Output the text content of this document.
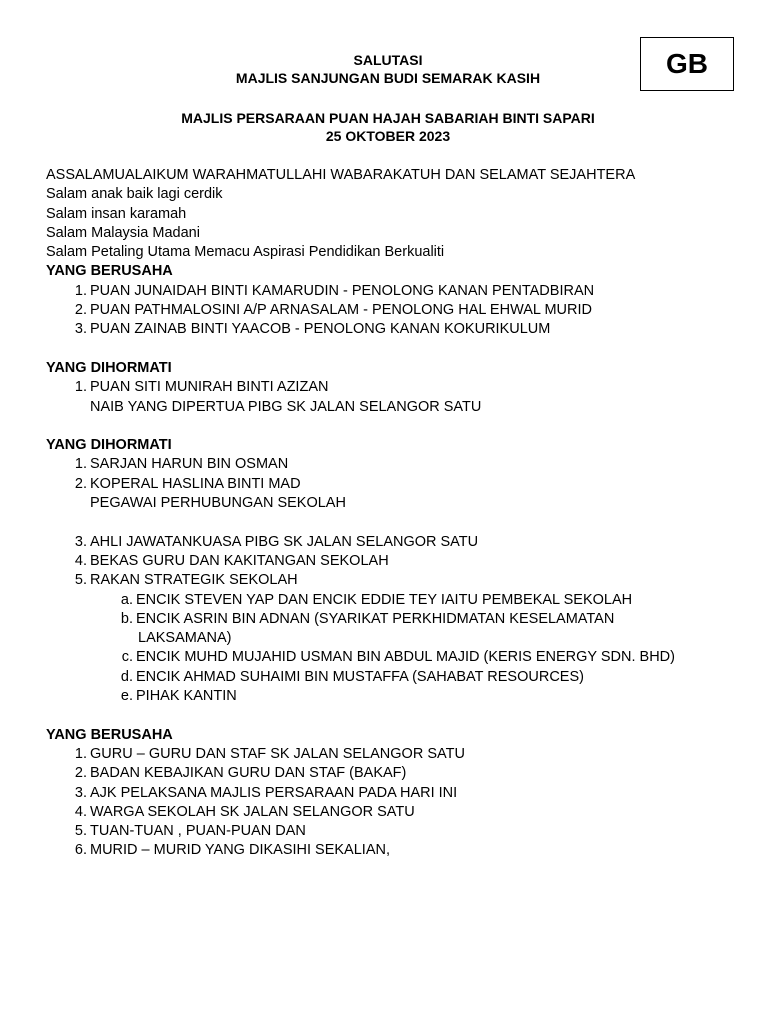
GB
SALUTASI
MAJLIS SANJUNGAN BUDI SEMARAK KASIH
MAJLIS PERSARAAN PUAN HAJAH SABARIAH BINTI SAPARI
25 OKTOBER 2023
ASSALAMUALAIKUM WARAHMATULLAHI WABARAKATUH DAN SELAMAT SEJAHTERA
Salam anak baik lagi cerdik
Salam insan karamah
Salam Malaysia Madani
Salam Petaling Utama Memacu Aspirasi Pendidikan Berkualiti
YANG BERUSAHA
1. PUAN JUNAIDAH BINTI KAMARUDIN - PENOLONG KANAN PENTADBIRAN
2. PUAN PATHMALOSINI A/P ARNASALAM - PENOLONG HAL EHWAL MURID
3. PUAN ZAINAB BINTI YAACOB - PENOLONG KANAN KOKURIKULUM
YANG DIHORMATI
1. PUAN SITI MUNIRAH BINTI AZIZAN
NAIB YANG DIPERTUA PIBG SK JALAN SELANGOR SATU
YANG DIHORMATI
1. SARJAN HARUN BIN OSMAN
2. KOPERAL HASLINA BINTI MAD
PEGAWAI PERHUBUNGAN SEKOLAH
3. AHLI JAWATANKUASA PIBG SK JALAN SELANGOR SATU
4. BEKAS GURU DAN KAKITANGAN SEKOLAH
5. RAKAN STRATEGIK SEKOLAH
a. ENCIK STEVEN YAP DAN ENCIK EDDIE TEY IAITU PEMBEKAL SEKOLAH
b. ENCIK ASRIN BIN ADNAN (SYARIKAT PERKHIDMATAN KESELAMATAN
LAKSAMANA)
c. ENCIK MUHD MUJAHID USMAN BIN ABDUL MAJID (KERIS ENERGY SDN. BHD)
d. ENCIK AHMAD SUHAIMI BIN MUSTAFFA (SAHABAT RESOURCES)
e. PIHAK KANTIN
YANG BERUSAHA
1. GURU – GURU DAN STAF SK JALAN SELANGOR SATU
2. BADAN KEBAJIKAN GURU DAN STAF (BAKAF)
3. AJK PELAKSANA MAJLIS PERSARAAN PADA HARI INI
4. WARGA SEKOLAH SK JALAN SELANGOR SATU
5. TUAN-TUAN , PUAN-PUAN DAN
6. MURID – MURID YANG DIKASIHI SEKALIAN,
